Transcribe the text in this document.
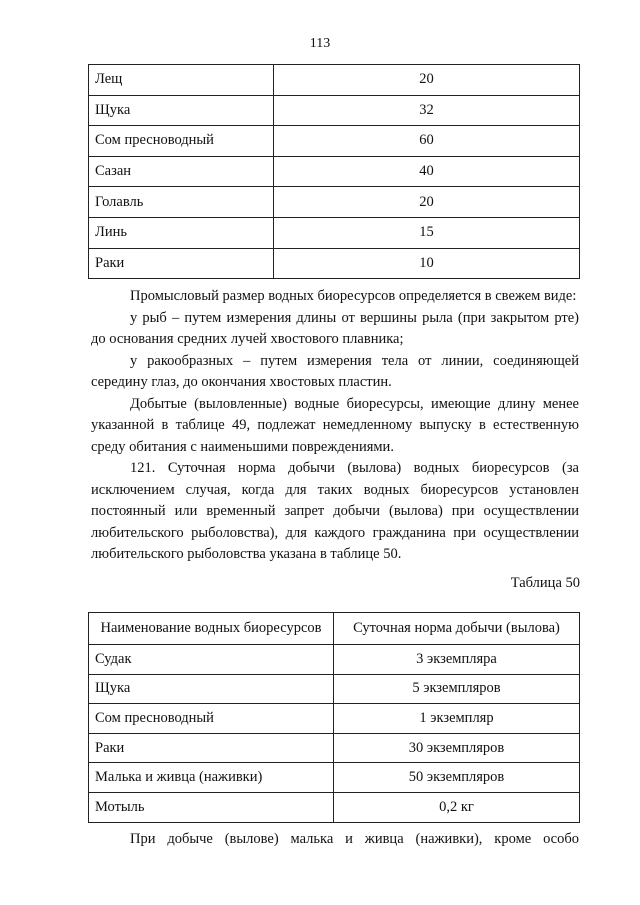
113
Лещ	20
Щука	32
Сом пресноводный	60
Сазан	40
Голавль	20
Линь	15
Раки	10

Промысловый размер водных биоресурсов определяется в свежем виде:

у рыб – путем измерения длины от вершины рыла (при закрытом рте) до основания средних лучей хвостового плавника;

у ракообразных – путем измерения тела от линии, соединяющей середину глаз, до окончания хвостовых пластин.

Добытые (выловленные) водные биоресурсы, имеющие длину менее указанной в таблице 49, подлежат немедленному выпуску в естественную среду обитания с наименьшими повреждениями.

121. Суточная норма добычи (вылова) водных биоресурсов (за исключением случая, когда для таких водных биоресурсов установлен постоянный или временный запрет добычи (вылова) при осуществлении любительского рыболовства), для каждого гражданина при осуществлении любительского рыболовства указана в таблице 50.

Таблица 50
Наименование водных биоресурсов	Суточная норма добычи (вылова)
Судак	3 экземпляра
Щука	5 экземпляров
Сом пресноводный	1 экземпляр
Раки	30 экземпляров
Малька и живца (наживки)	50 экземпляров
Мотыль	0,2 кг

При добыче (вылове) малька и живца (наживки), кроме особо
